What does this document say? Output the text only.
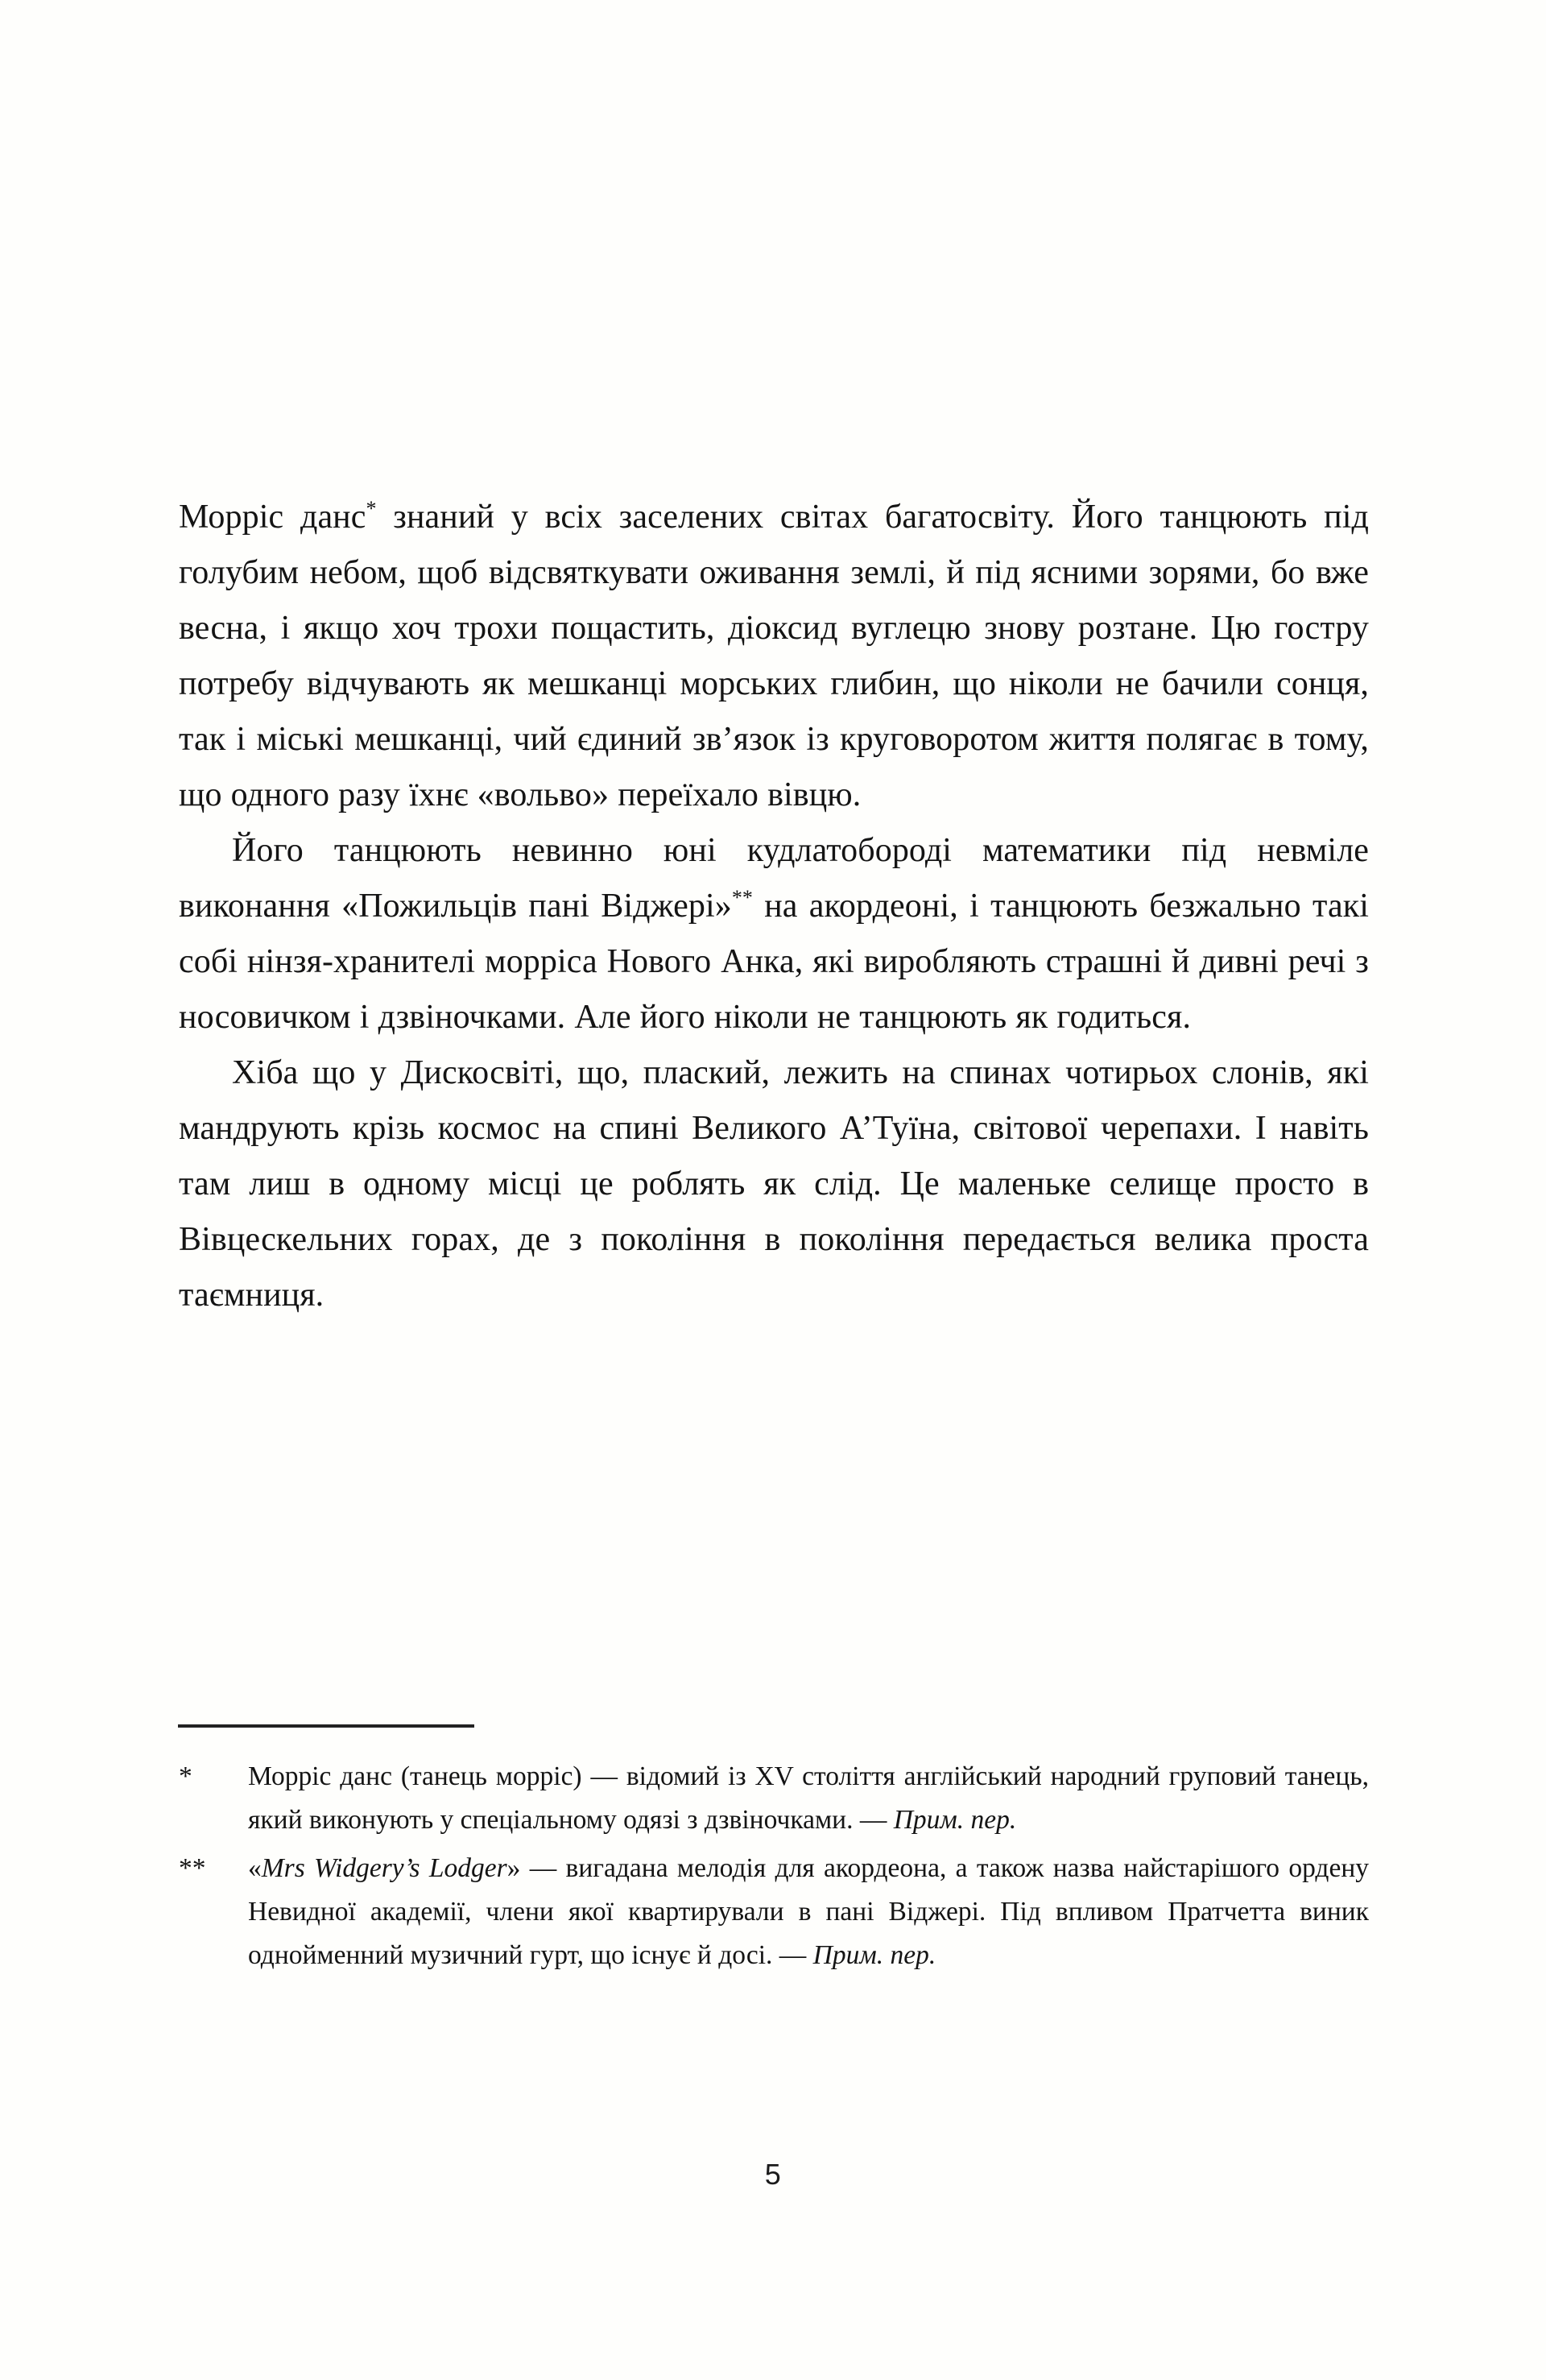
Морріс данс* знаний у всіх заселених світах багатосвіту. Його танцюють під голубим небом, щоб відсвяткувати оживання землі, й під ясними зорями, бо вже весна, і якщо хоч трохи пощастить, діоксид вуглецю знову розтане. Цю гостру потребу відчувають як мешканці морських глибин, що ніколи не бачили сонця, так і міські мешканці, чий єдиний зв’язок із круговоротом життя полягає в тому, що одного разу їхнє «вольво» переїхало вівцю.

Його танцюють невинно юні кудлатобороді математики під невміле виконання «Пожильців пані Віджері»** на акордеоні, і танцюють безжально такі собі нінзя-хранителі морріса Нового Анка, які виробляють страшні й дивні речі з носовичком і дзвіночками. Але його ніколи не танцюють як годиться.

Хіба що у Дискосвіті, що, плаский, лежить на спинах чотирьох слонів, які мандрують крізь космос на спині Великого А’Туїна, світової черепахи. І навіть там лиш в одному місці це роблять як слід. Це маленьке селище просто в Вівцескельних горах, де з покоління в покоління передається велика проста таємниця.

*	Морріс данс (танець морріс) — відомий із XV століття англійський народний груповий танець, який виконують у спеціальному одязі з дзвіночками. — Прим. пер.
**	«Mrs Widgery’s Lodger» — вигадана мелодія для акордеона, а також назва найстарішого ордену Невидної академії, члени якої квартирували в пані Віджері. Під впливом Пратчетта виник однойменний музичний гурт, що існує й досі. — Прим. пер.
5
